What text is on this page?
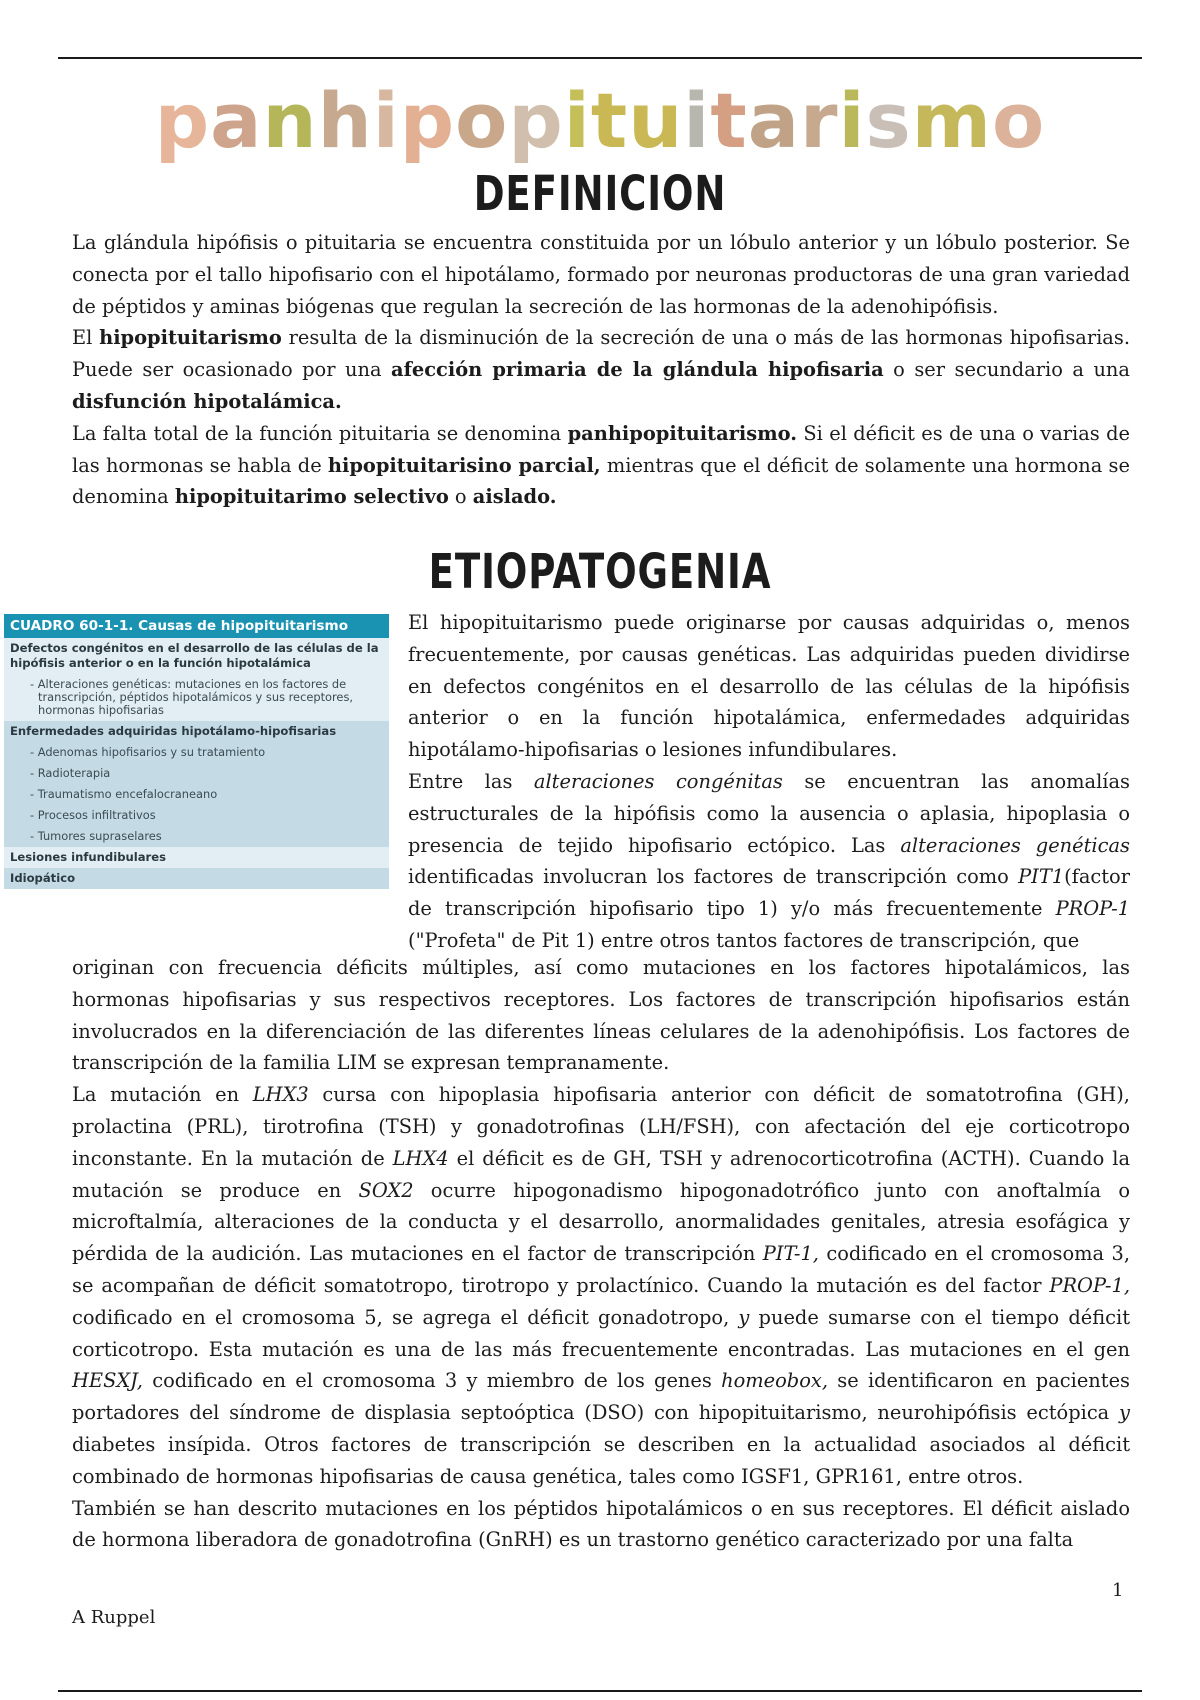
panhipopituitarismo
DEFINICION

La glándula hipófisis o pituitaria se encuentra constituida por un lóbulo anterior y un lóbulo posterior. Se conecta por el tallo hipofisario con el hipotálamo, formado por neuronas productoras de una gran variedad de péptidos y aminas biógenas que regulan la secreción de las hormonas de la adenohipófisis.

El hipopituitarismo resulta de la disminución de la secreción de una o más de las hormonas hipofisarias. Puede ser ocasionado por una afección primaria de la glándula hipofisaria o ser secundario a una disfunción hipotalámica.

La falta total de la función pituitaria se denomina panhipopituitarismo. Si el déficit es de una o varias de las hormonas se habla de hipopituitarisino parcial, mientras que el déficit de solamente una hormona se denomina hipopituitarimo selectivo o aislado.

ETIOPATOGENIA
CUADRO 60-1-1. Causas de hipopituitarismo
Defectos congénitos en el desarrollo de las células de la hipófisis anterior o en la función hipotalámica
- Alteraciones genéticas: mutaciones en los factores de transcripción, péptidos hipotalámicos y sus receptores, hormonas hipofisarias
Enfermedades adquiridas hipotálamo-hipofisarias
- Adenomas hipofisarios y su tratamiento
- Radioterapia
- Traumatismo encefalocraneano
- Procesos infiltrativos
- Tumores supraselares
Lesiones infundibulares
Idiopático

El hipopituitarismo puede originarse por causas adquiridas o, menos frecuentemente, por causas genéticas. Las adquiridas pueden dividirse en defectos congénitos en el desarrollo de las células de la hipófisis anterior o en la función hipotalámica, enfermedades adquiridas hipotálamo-hipofisarias o lesiones infundibulares.

Entre las alteraciones congénitas se encuentran las anomalías estructurales de la hipófisis como la ausencia o aplasia, hipoplasia o presencia de tejido hipofisario ectópico. Las alteraciones genéticas identificadas involucran los factores de transcripción como PIT1(factor de transcripción hipofisario tipo 1) y/o más frecuentemente PROP-1 ("Profeta" de Pit 1) entre otros tantos factores de transcripción, que

originan con frecuencia déficits múltiples, así como mutaciones en los factores hipotalámicos, las hormonas hipofisarias y sus respectivos receptores. Los factores de transcripción hipofisarios están involucrados en la diferenciación de las diferentes líneas celulares de la adenohipófisis. Los factores de transcripción de la familia LIM se expresan tempranamente.

La mutación en LHX3 cursa con hipoplasia hipofisaria anterior con déficit de somatotrofina (GH), prolactina (PRL), tirotrofina (TSH) y gonadotrofinas (LH/FSH), con afectación del eje corticotropo inconstante. En la mutación de LHX4 el déficit es de GH, TSH y adrenocorticotrofina (ACTH). Cuando la mutación se produce en SOX2 ocurre hipogonadismo hipogonadotrófico junto con anoftalmía o microftalmía, alteraciones de la conducta y el desarrollo, anormalidades genitales, atresia esofágica y pérdida de la audición. Las mutaciones en el factor de transcripción PIT-1, codificado en el cromosoma 3, se acompañan de déficit somatotropo, tirotropo y prolactínico. Cuando la mutación es del factor PROP-1, codificado en el cromosoma 5, se agrega el déficit gonadotropo, y puede sumarse con el tiempo déficit corticotropo. Esta mutación es una de las más frecuentemente encontradas. Las mutaciones en el gen HESXJ, codificado en el cromosoma 3 y miembro de los genes homeobox, se identificaron en pacientes portadores del síndrome de displasia septoóptica (DSO) con hipopituitarismo, neurohipófisis ectópica y diabetes insípida. Otros factores de transcripción se describen en la actualidad asociados al déficit combinado de hormonas hipofisarias de causa genética, tales como IGSF1, GPR161, entre otros.

También se han descrito mutaciones en los péptidos hipotalámicos o en sus receptores. El déficit aislado de hormona liberadora de gonadotrofina (GnRH) es un trastorno genético caracterizado por una falta

1
A Ruppel
